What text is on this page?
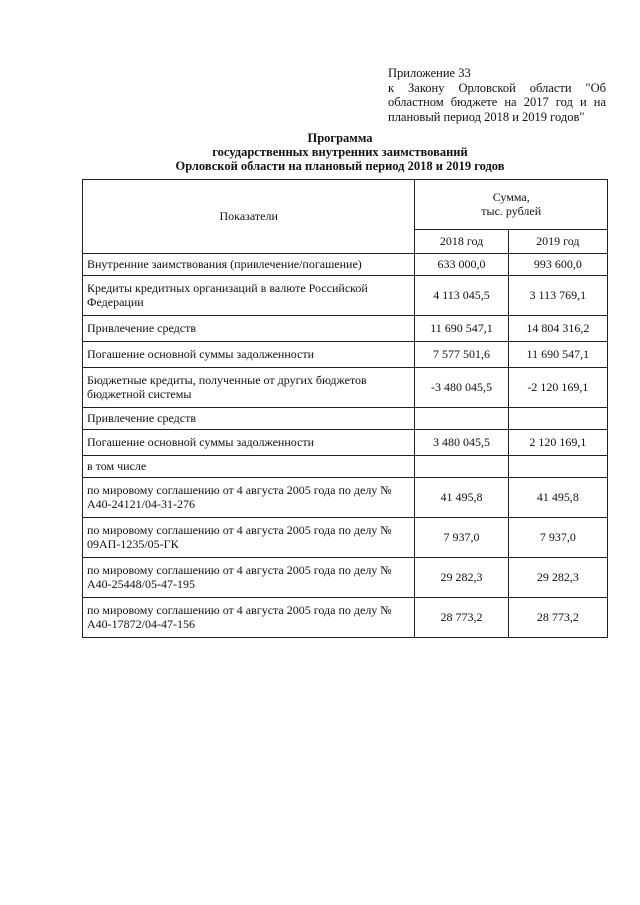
Приложение 33
к Закону Орловской области "Об
областном бюджете на 2017 год и на
плановый период 2018 и 2019 годов"
Программа
государственных внутренних заимствований
Орловской области на плановый период 2018 и 2019 годов
Показатели	Сумма,
тыс. рублей	

	2018 год	2019 год
Внутренние заимствования (привлечение/погашение)	633 000,0	993 600,0
Кредиты кредитных организаций в валюте Российской Федерации	4 113 045,5	3 113 769,1
Привлечение средств	11 690 547,1	14 804 316,2
Погашение основной суммы задолженности	7 577 501,6	11 690 547,1
Бюджетные кредиты, полученные от других бюджетов бюджетной системы	-3 480 045,5	-2 120 169,1
Привлечение средств		
Погашение основной суммы задолженности	3 480 045,5	2 120 169,1
в том числе		
по мировому соглашению от 4 августа 2005 года по делу № А40-24121/04-31-276	41 495,8	41 495,8
по мировому соглашению от 4 августа 2005 года по делу № 09АП-1235/05-ГК	7 937,0	7 937,0
по мировому соглашению от 4 августа 2005 года по делу № А40-25448/05-47-195	29 282,3	29 282,3
по мировому соглашению от 4 августа 2005 года по делу № А40-17872/04-47-156	28 773,2	28 773,2
